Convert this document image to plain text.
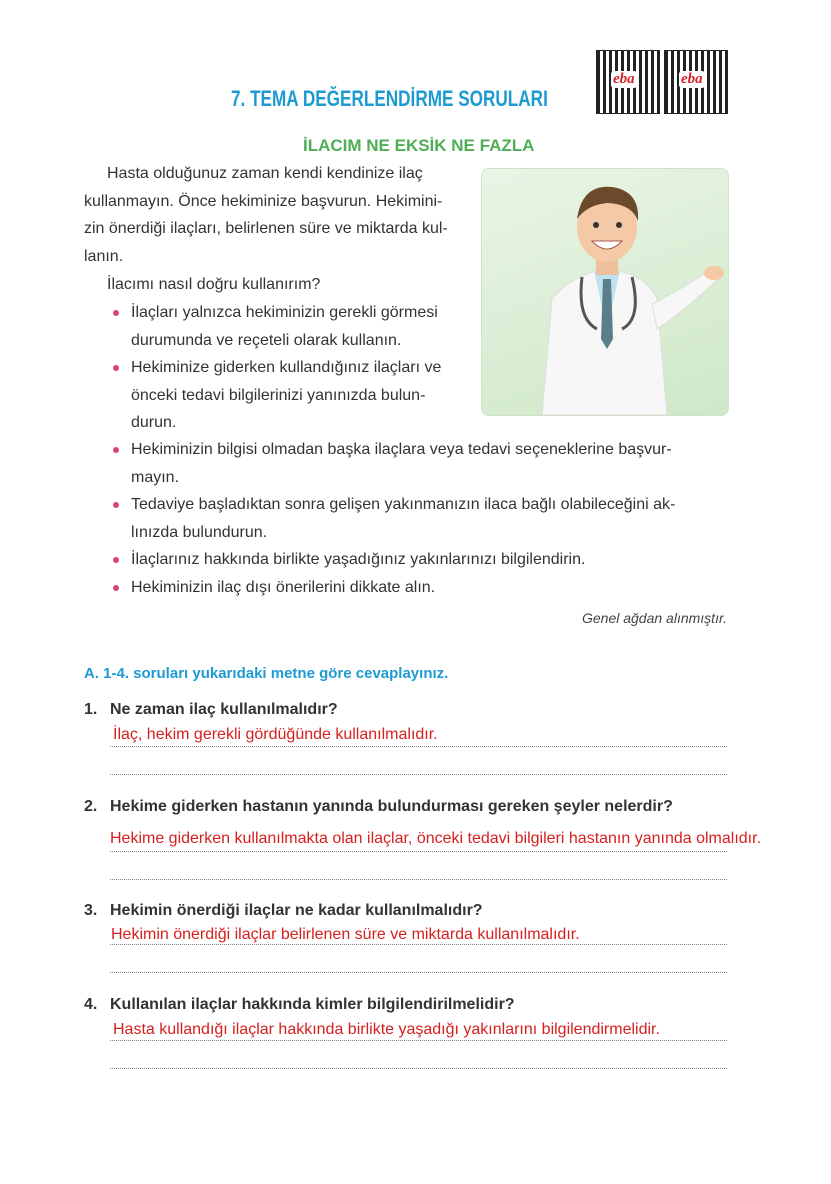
7. TEMA DEĞERLENDİRME SORULARI
eba	eba
İLACIM NE EKSİK NE FAZLA
Hasta olduğunuz zaman kendi kendinize ilaç
kullanmayın. Önce hekiminize başvurun. Hekimini-
zin önerdiği ilaçları, belirlenen süre ve miktarda kul-
lanın.
İlacımı nasıl doğru kullanırım?
İlaçları yalnızca hekiminizin gerekli görmesi
durumunda ve reçeteli olarak kullanın.
Hekiminize giderken kullandığınız ilaçları ve
önceki tedavi bilgilerinizi yanınızda bulun-
durun.
Hekiminizin bilgisi olmadan başka ilaçlara veya tedavi seçeneklerine başvur-
mayın.
Tedaviye başladıktan sonra gelişen yakınmanızın ilaca bağlı olabileceğini ak-
lınızda bulundurun.
İlaçlarınız hakkında birlikte yaşadığınız yakınlarınızı bilgilendirin.
Hekiminizin ilaç dışı önerilerini dikkate alın.
Genel ağdan alınmıştır.
A. 1-4. soruları yukarıdaki metne göre cevaplayınız.
1. Ne zaman ilaç kullanılmalıdır?
İlaç, hekim gerekli gördüğünde kullanılmalıdır.
2. Hekime giderken hastanın yanında bulundurması gereken şeyler nelerdir?
Hekime giderken kullanılmakta olan ilaçlar, önceki tedavi bilgileri hastanın yanında olmalıdır.
3. Hekimin önerdiği ilaçlar ne kadar kullanılmalıdır?
Hekimin önerdiği ilaçlar belirlenen süre ve miktarda kullanılmalıdır.
4. Kullanılan ilaçlar hakkında kimler bilgilendirilmelidir?
Hasta kullandığı ilaçlar hakkında birlikte yaşadığı yakınlarını bilgilendirmelidir.
